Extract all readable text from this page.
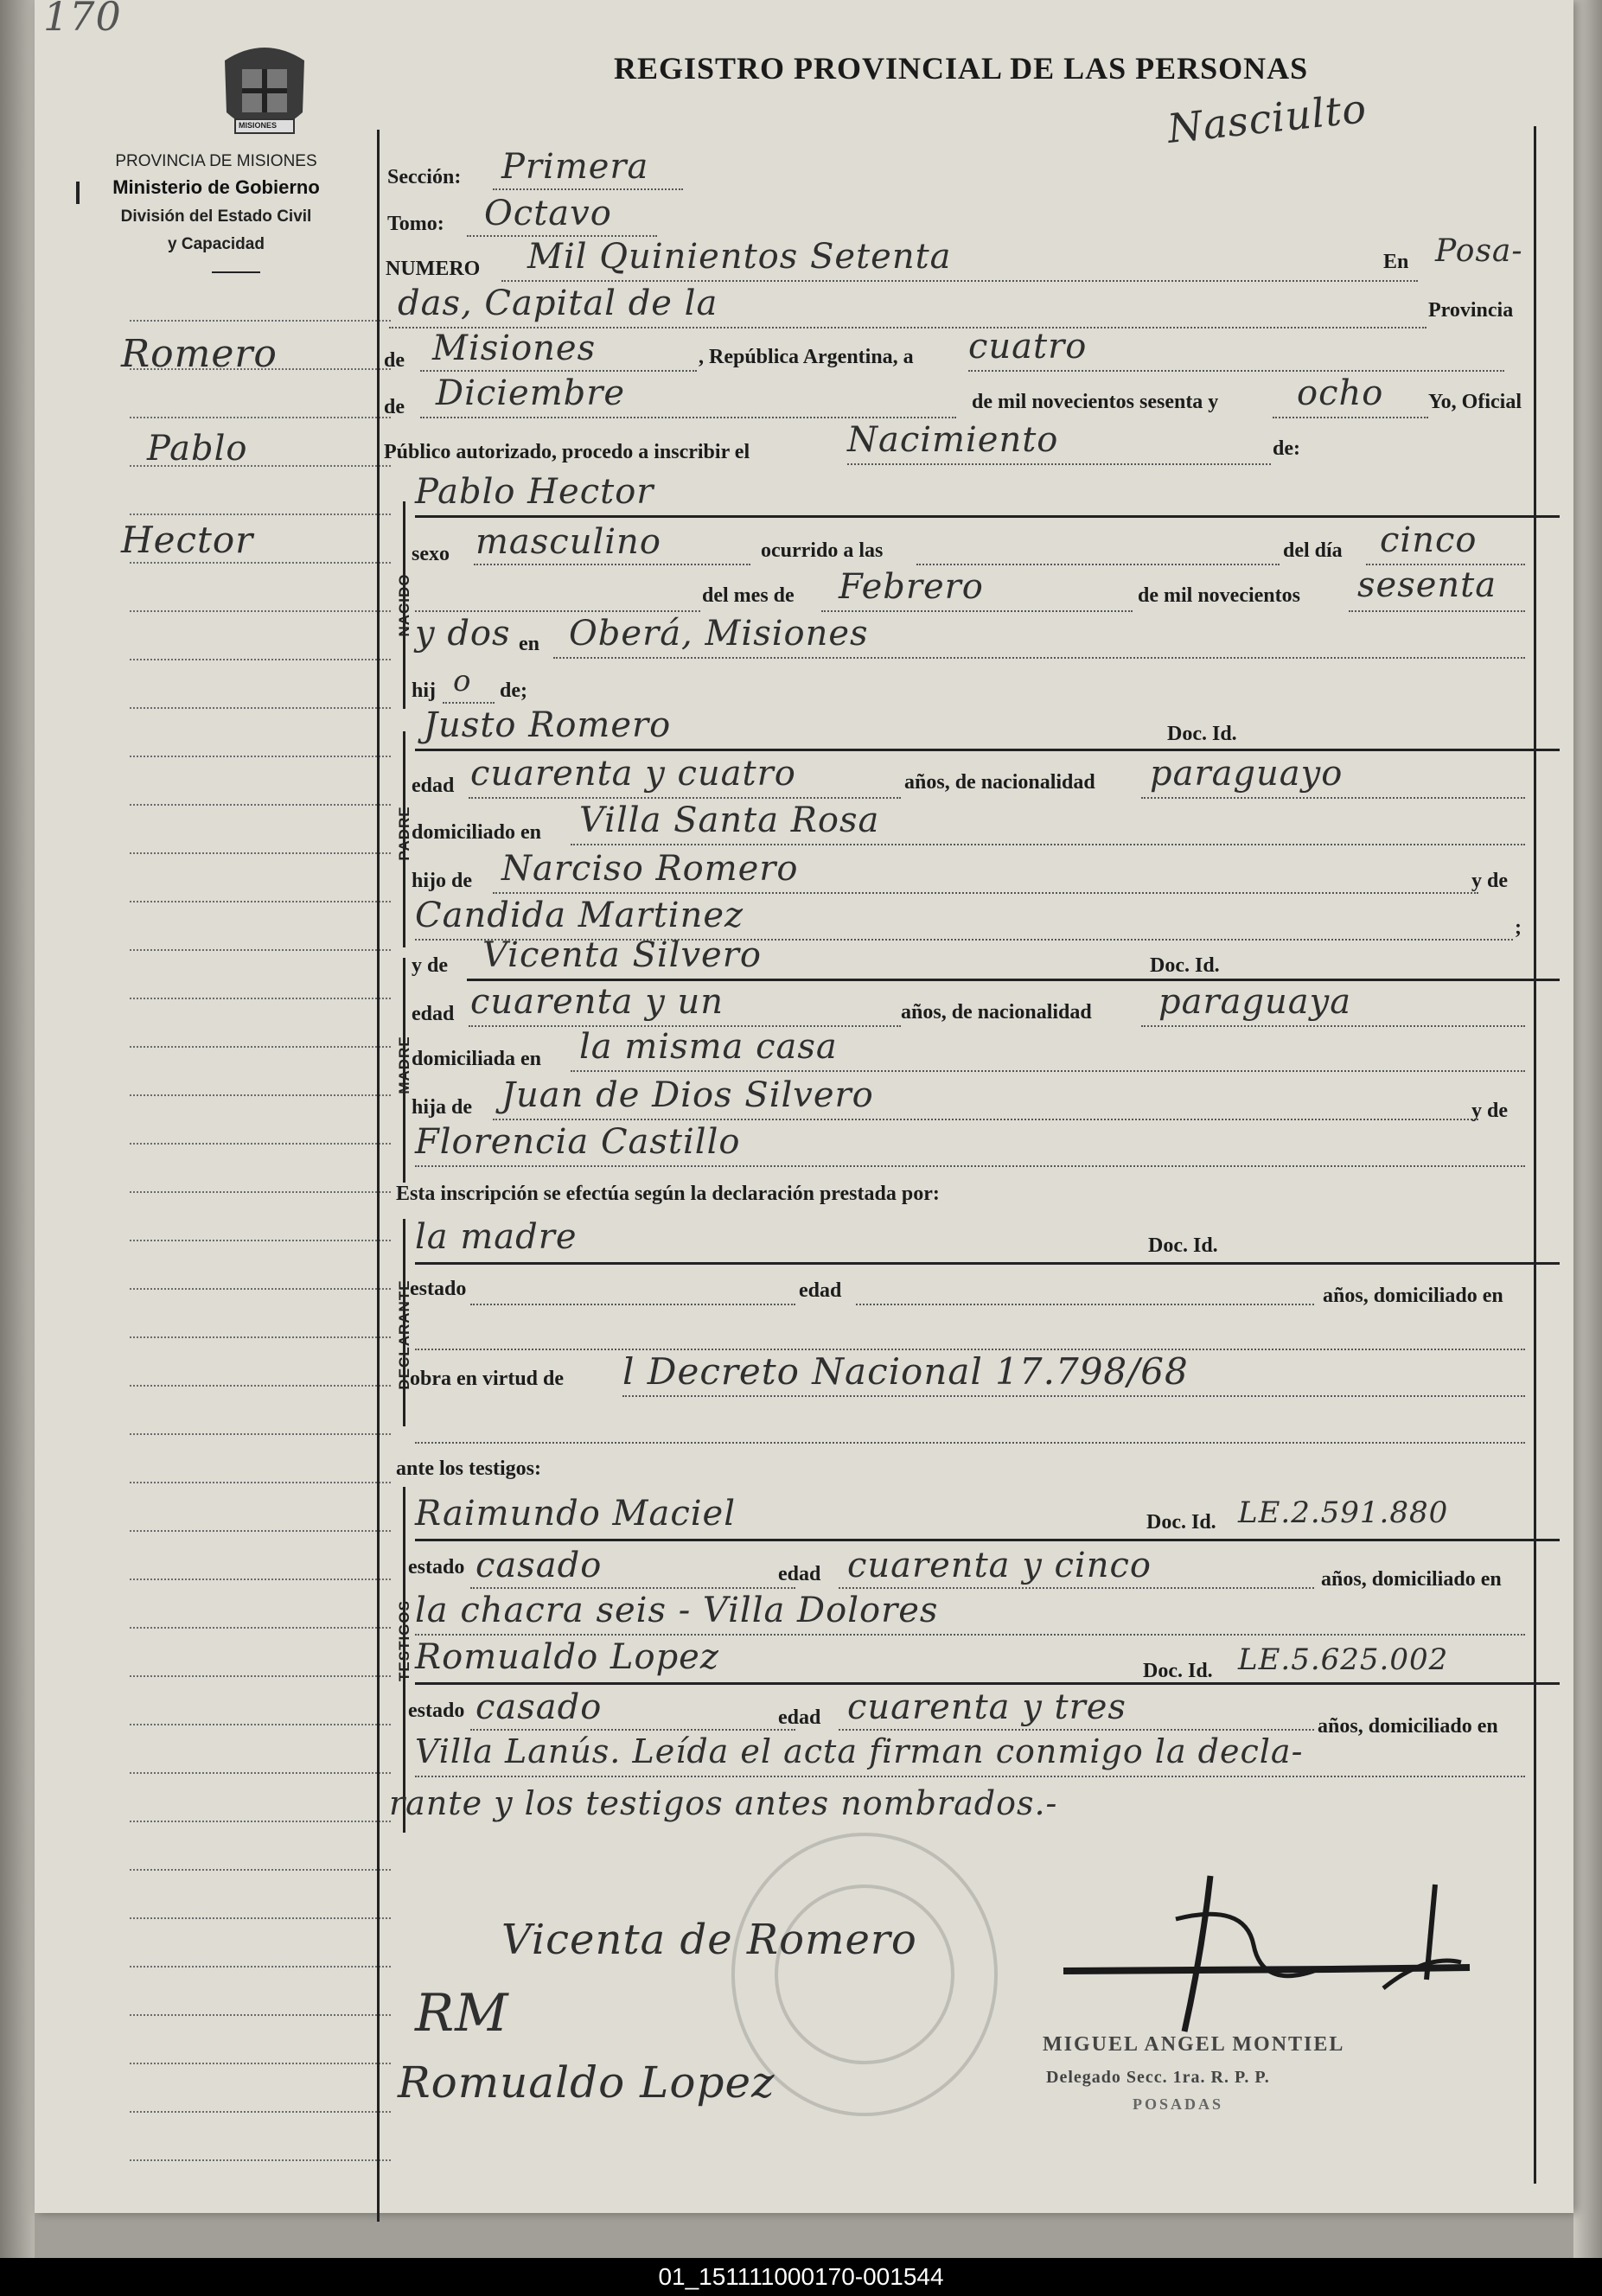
170
MISIONES
PROVINCIA DE MISIONES
Ministerio de Gobierno
División del Estado Civil
y Capacidad
REGISTRO PROVINCIAL DE LAS PERSONAS
Nasciulto
Romero
Pablo
Hector
NACIDO
PADRE
MADRE
DECLARANTE
TESTIGOS
Sección: Primera
Tomo: Octavo
NUMERO Mil Quinientos Setenta	En Posa-
das, Capital de la	Provincia
de Misiones	, República Argentina, a cuatro
de Diciembre	de mil novecientos sesenta y ocho Yo, Oficial
Público autorizado, procedo a inscribir el	Nacimiento	de:
Pablo Hector
sexo masculino	ocurrido a las	del día cinco
del mes de Febrero	de mil novecientos sesenta
y dos en Oberá, Misiones
hij o de;
Justo Romero	Doc. Id.
edad cuarenta y cuatro	años, de nacionalidad paraguayo
domiciliado en Villa Santa Rosa
hijo de Narciso Romero	y de
Candida Martinez	;
y de Vicenta Silvero	Doc. Id.
edad cuarenta y un	años, de nacionalidad paraguaya
domiciliada en la misma casa
hija de Juan de Dios Silvero	y de
Florencia Castillo
Esta inscripción se efectúa según la declaración prestada por:
la madre	Doc. Id.
estado	edad	años, domiciliado en
obra en virtud de l Decreto Nacional 17.798/68
ante los testigos:
Raimundo Maciel	Doc. Id. LE.2.591.880
estado casado	edad cuarenta y cinco	años, domiciliado en
la chacra seis - Villa Dolores
Romualdo Lopez	Doc. Id. LE.5.625.002
estado casado	edad cuarenta y tres	años, domiciliado en
Villa Lanús. Leída el acta firman conmigo la decla-
rante y los testigos antes nombrados.-
Vicenta de Romero
RM
Romualdo Lopez
MIGUEL ANGEL MONTIEL
Delegado Secc. 1ra. R. P. P.
POSADAS
01_151111000170-001544
